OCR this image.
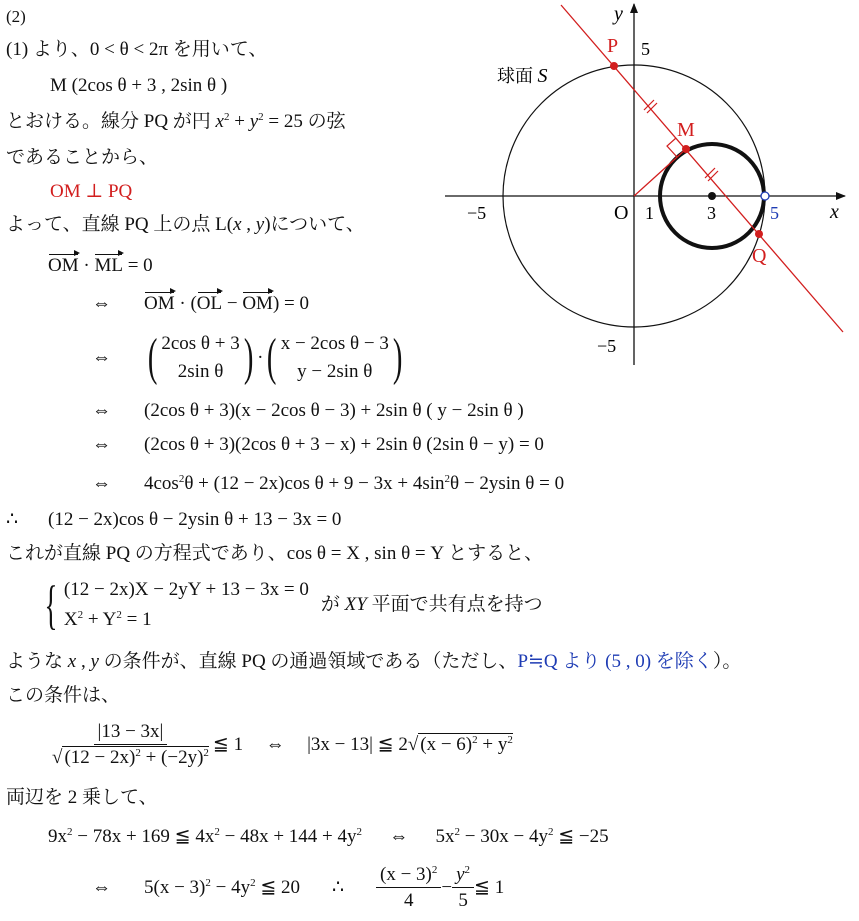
(2)
(1) より、0 < θ < 2π を用いて、
M (2cos θ + 3 , 2sin θ )
とおける。線分 PQ が円 $x^2 + y^2 = 25$ の弦
であることから、
OM ⊥ PQ
よって、直線 PQ 上の点 L(x , y)について、
OM · ML = 0
⇔ OM · (OL − OM) = 0
⇔ ( 2cos θ + 3
2sin θ ) · ( x − 2cos θ − 3
y − 2sin θ )
⇔ (2cos θ + 3)(x − 2cos θ − 3) + 2sin θ ( y − 2sin θ )
⇔ (2cos θ + 3)(2cos θ + 3 − x) + 2sin θ (2sin θ − y) = 0
⇔ $4\cos^2\theta + (12 - 2x)\cos$ $\theta + 9 - 3x + 4\sin^2\theta - 2ysin$ θ = 0
∴ (12 − 2x)cos θ − 2ysin θ + 13 − 3x = 0
これが直線 PQ の方程式であり、cos θ = X , sin θ = Y とすると、
{ (12 − 2x)X − 2yY + 13 − 3x = 0
$X^2 + Y^2 = 1$
が XY 平面で共有点を持つ
ような x , y の条件が、直線 PQ の通過領域である（ただし、P≒Q より (5 , 0) を除く）。
この条件は、
$\frac{|13 - 3x|}{√ (12 - 2x)^2 + (-2y)^2}$ ≦ 1	⇔	|3x − 13| ≦ 2√ $(x - 6)^2 + y^2$
両辺を 2 乗して、
$9x^2 - 78x + 169$ ≦ $4x^2 - 48x + 144 + 4y^2$ ⇔ $5x^2 - 30x - 4y^2$ ≦ −25
⇔	$5(x - 3)^2 - 4y^2$ ≦ 20	∴	$\frac{(x - 3)^2}{4} - \frac{y^2}{5}$ ≦ 1
y
x
O
P
M
Q
球面 S
5
−5
−5
1	3	5
